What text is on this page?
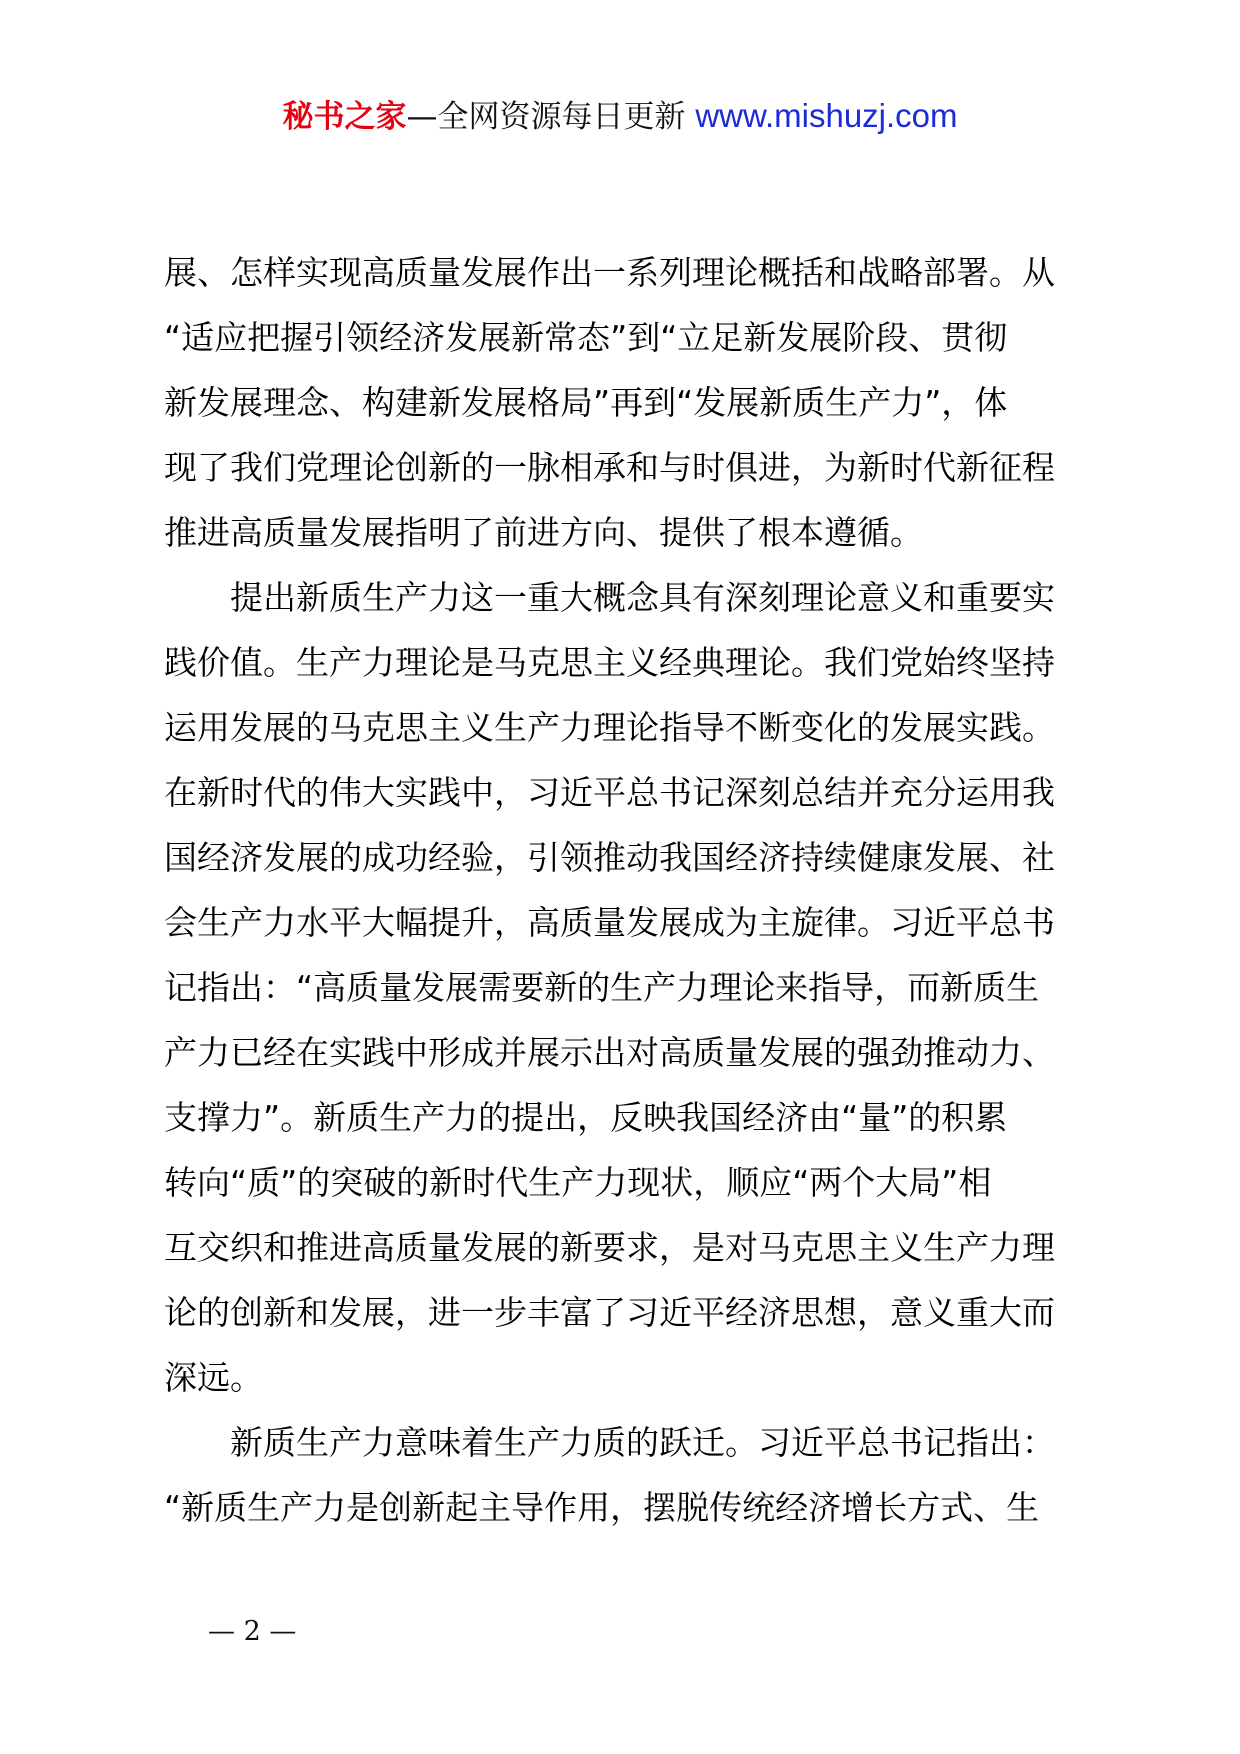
秘书之家—全网资源每日更新 www.mishuzj.com
展、怎样实现高质量发展作出一系列理论概括和战略部署。从
“适应把握引领经济发展新常态”到“立足新发展阶段、贯彻
新发展理念、构建新发展格局”再到“发展新质生产力”，体
现了我们党理论创新的一脉相承和与时俱进，为新时代新征程
推进高质量发展指明了前进方向、提供了根本遵循。
　　提出新质生产力这一重大概念具有深刻理论意义和重要实
践价值。生产力理论是马克思主义经典理论。我们党始终坚持
运用发展的马克思主义生产力理论指导不断变化的发展实践。
在新时代的伟大实践中，习近平总书记深刻总结并充分运用我
国经济发展的成功经验，引领推动我国经济持续健康发展、社
会生产力水平大幅提升，高质量发展成为主旋律。习近平总书
记指出：“高质量发展需要新的生产力理论来指导，而新质生
产力已经在实践中形成并展示出对高质量发展的强劲推动力、
支撑力”。新质生产力的提出，反映我国经济由“量”的积累
转向“质”的突破的新时代生产力现状，顺应“两个大局”相
互交织和推进高质量发展的新要求，是对马克思主义生产力理
论的创新和发展，进一步丰富了习近平经济思想，意义重大而
深远。
　　新质生产力意味着生产力质的跃迁。习近平总书记指出：
“新质生产力是创新起主导作用，摆脱传统经济增长方式、生
— 2 —
